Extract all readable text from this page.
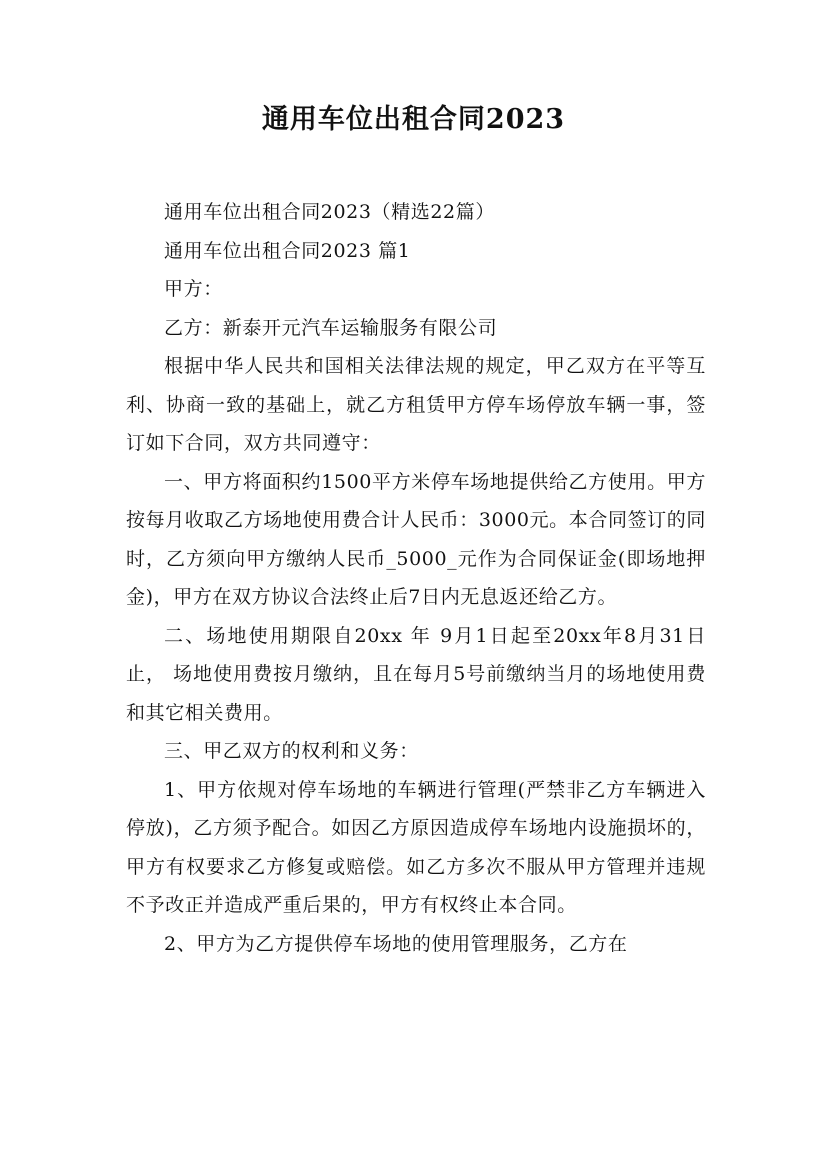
通用车位出租合同2023

通用车位出租合同2023（精选22篇）

通用车位出租合同2023 篇1

甲方：

乙方：新泰开元汽车运输服务有限公司

根据中华人民共和国相关法律法规的规定，甲乙双方在平等互利、协商一致的基础上，就乙方租赁甲方停车场停放车辆一事，签订如下合同，双方共同遵守：

一、甲方将面积约1500平方米停车场地提供给乙方使用。甲方按每月收取乙方场地使用费合计人民币：3000元。本合同签订的同时，乙方须向甲方缴纳人民币_5000_元作为合同保证金(即场地押金)，甲方在双方协议合法终止后7日内无息返还给乙方。

二、场地使用期限自20xx 年 9月1日起至20xx年8月31日止， 场地使用费按月缴纳，且在每月5号前缴纳当月的场地使用费和其它相关费用。

三、甲乙双方的权利和义务：

1、甲方依规对停车场地的车辆进行管理(严禁非乙方车辆进入停放)，乙方须予配合。如因乙方原因造成停车场地内设施损坏的，甲方有权要求乙方修复或赔偿。如乙方多次不服从甲方管理并违规不予改正并造成严重后果的，甲方有权终止本合同。

2、甲方为乙方提供停车场地的使用管理服务，乙方在
